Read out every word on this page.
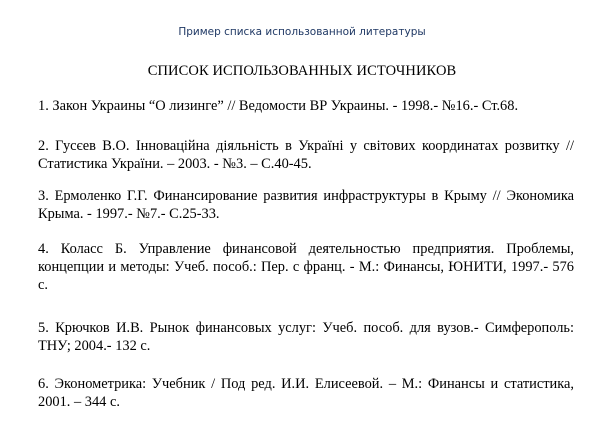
Пример списка использованной литературы
СПИСОК ИСПОЛЬЗОВАННЫХ ИСТОЧНИКОВ
1. Закон Украины “О лизинге” // Ведомости ВР Украины. - 1998.- №16.- Ст.68.
2. Гусєев В.О. Інноваційна діяльність в Україні у світових координатах розвитку // Статистика України. – 2003. - №3. – С.40-45.
3. Ермоленко Г.Г. Финансирование развития инфраструктуры в Крыму // Экономика Крыма. - 1997.- №7.- С.25-33.
4. Коласс Б. Управление финансовой деятельностью предприятия. Проблемы, концепции и методы: Учеб. пособ.: Пер. с франц. - М.: Финансы, ЮНИТИ, 1997.- 576 с.
5. Крючков И.В. Рынок финансовых услуг: Учеб. пособ. для вузов.- Симферополь: ТНУ; 2004.- 132 с.
6. Эконометрика: Учебник / Под ред. И.И. Елисеевой. – М.: Финансы и статистика, 2001. – 344 с.
